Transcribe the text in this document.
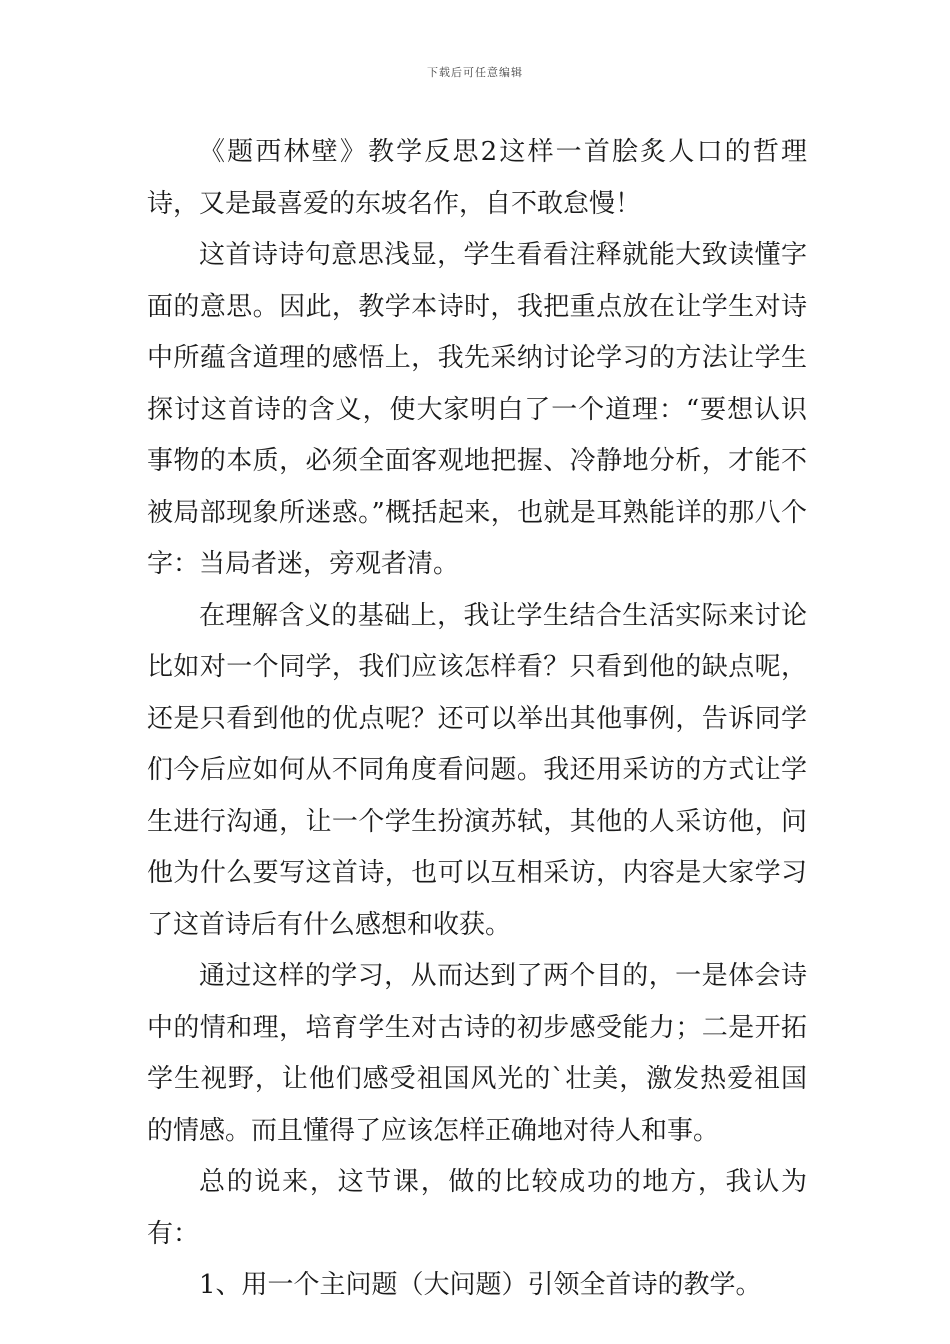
下载后可任意编辑

《题西林壁》教学反思2这样一首脍炙人口的哲理诗，又是最喜爱的东坡名作，自不敢怠慢！

这首诗诗句意思浅显，学生看看注释就能大致读懂字面的意思。因此，教学本诗时，我把重点放在让学生对诗中所蕴含道理的感悟上，我先采纳讨论学习的方法让学生探讨这首诗的含义，使大家明白了一个道理：“要想认识事物的本质，必须全面客观地把握、冷静地分析，才能不被局部现象所迷惑。”概括起来，也就是耳熟能详的那八个字：当局者迷，旁观者清。

在理解含义的基础上，我让学生结合生活实际来讨论比如对一个同学，我们应该怎样看？只看到他的缺点呢，还是只看到他的优点呢？还可以举出其他事例，告诉同学们今后应如何从不同角度看问题。我还用采访的方式让学生进行沟通，让一个学生扮演苏轼，其他的人采访他，问他为什么要写这首诗，也可以互相采访，内容是大家学习了这首诗后有什么感想和收获。

通过这样的学习，从而达到了两个目的，一是体会诗中的情和理，培育学生对古诗的初步感受能力；二是开拓学生视野，让他们感受祖国风光的`壮美，激发热爱祖国的情感。而且懂得了应该怎样正确地对待人和事。

总的说来，这节课，做的比较成功的地方，我认为有：

1、用一个主问题（大问题）引领全首诗的教学。
